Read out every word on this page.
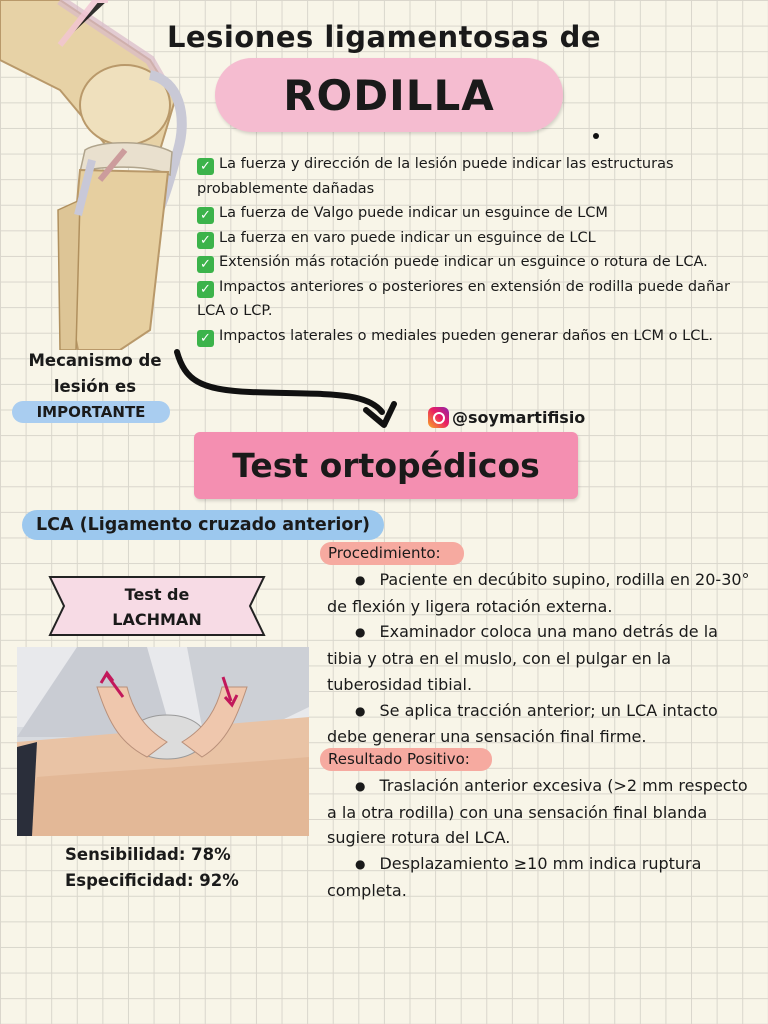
Lesiones ligamentosas de
RODILLA
✓ La fuerza y dirección de la lesión puede indicar las estructuras probablemente dañadas
✓ La fuerza de Valgo puede indicar un esguince de LCM
✓ La fuerza en varo puede indicar un esguince de LCL
✓ Extensión más rotación puede indicar un esguince o rotura de LCA.
✓ Impactos anteriores o posteriores en extensión de rodilla puede dañar LCA o LCP.
✓ Impactos laterales o mediales pueden generar daños en LCM o LCL.
Mecanismo de
lesión es
IMPORTANTE	@soymartifisio
Test ortopédicos
LCA (Ligamento cruzado anterior)
Test de
LACHMAN
Sensibilidad: 78%
Especificidad: 92%
Procedimiento:
● Paciente en decúbito supino, rodilla en 20-30° de flexión y ligera rotación externa.
● Examinador coloca una mano detrás de la tibia y otra en el muslo, con el pulgar en la tuberosidad tibial.
● Se aplica tracción anterior; un LCA intacto debe generar una sensación final firme.
Resultado Positivo:
● Traslación anterior excesiva (>2 mm respecto a la otra rodilla) con una sensación final blanda sugiere rotura del LCA.
● Desplazamiento ≥10 mm indica ruptura completa.
